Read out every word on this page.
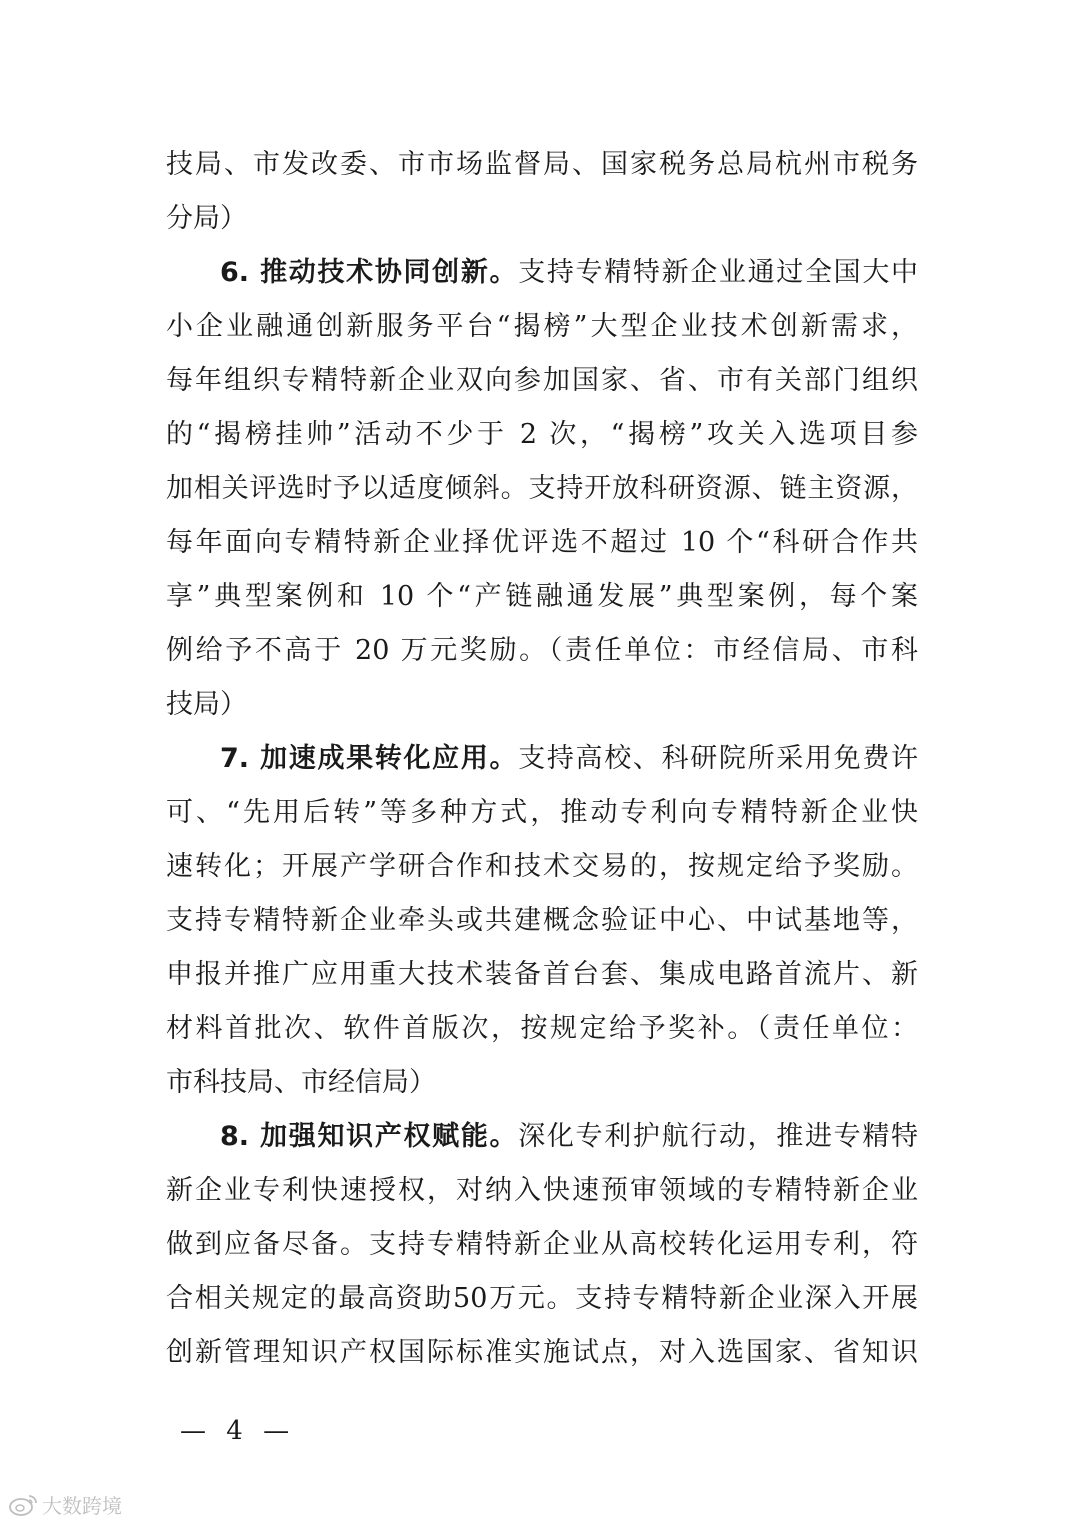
技局、市发改委、市市场监督局、国家税务总局杭州市税务
分局）
6. 推动技术协同创新。支持专精特新企业通过全国大中
小企业融通创新服务平台“揭榜”大型企业技术创新需求，
每年组织专精特新企业双向参加国家、省、市有关部门组织
的“揭榜挂帅”活动不少于 2 次，“揭榜”攻关入选项目参
加相关评选时予以适度倾斜。支持开放科研资源、链主资源，
每年面向专精特新企业择优评选不超过 10 个“科研合作共
享”典型案例和 10 个“产链融通发展”典型案例，每个案
例给予不高于 20 万元奖励。（责任单位：市经信局、市科
技局）
7. 加速成果转化应用。支持高校、科研院所采用免费许
可、“先用后转”等多种方式，推动专利向专精特新企业快
速转化；开展产学研合作和技术交易的，按规定给予奖励。
支持专精特新企业牵头或共建概念验证中心、中试基地等，
申报并推广应用重大技术装备首台套、集成电路首流片、新
材料首批次、软件首版次，按规定给予奖补。（责任单位：
市科技局、市经信局）
8. 加强知识产权赋能。深化专利护航行动，推进专精特
新企业专利快速授权，对纳入快速预审领域的专精特新企业
做到应备尽备。支持专精特新企业从高校转化运用专利，符
合相关规定的最高资助50万元。支持专精特新企业深入开展
创新管理知识产权国际标准实施试点，对入选国家、省知识
— 4 —
大数跨境
